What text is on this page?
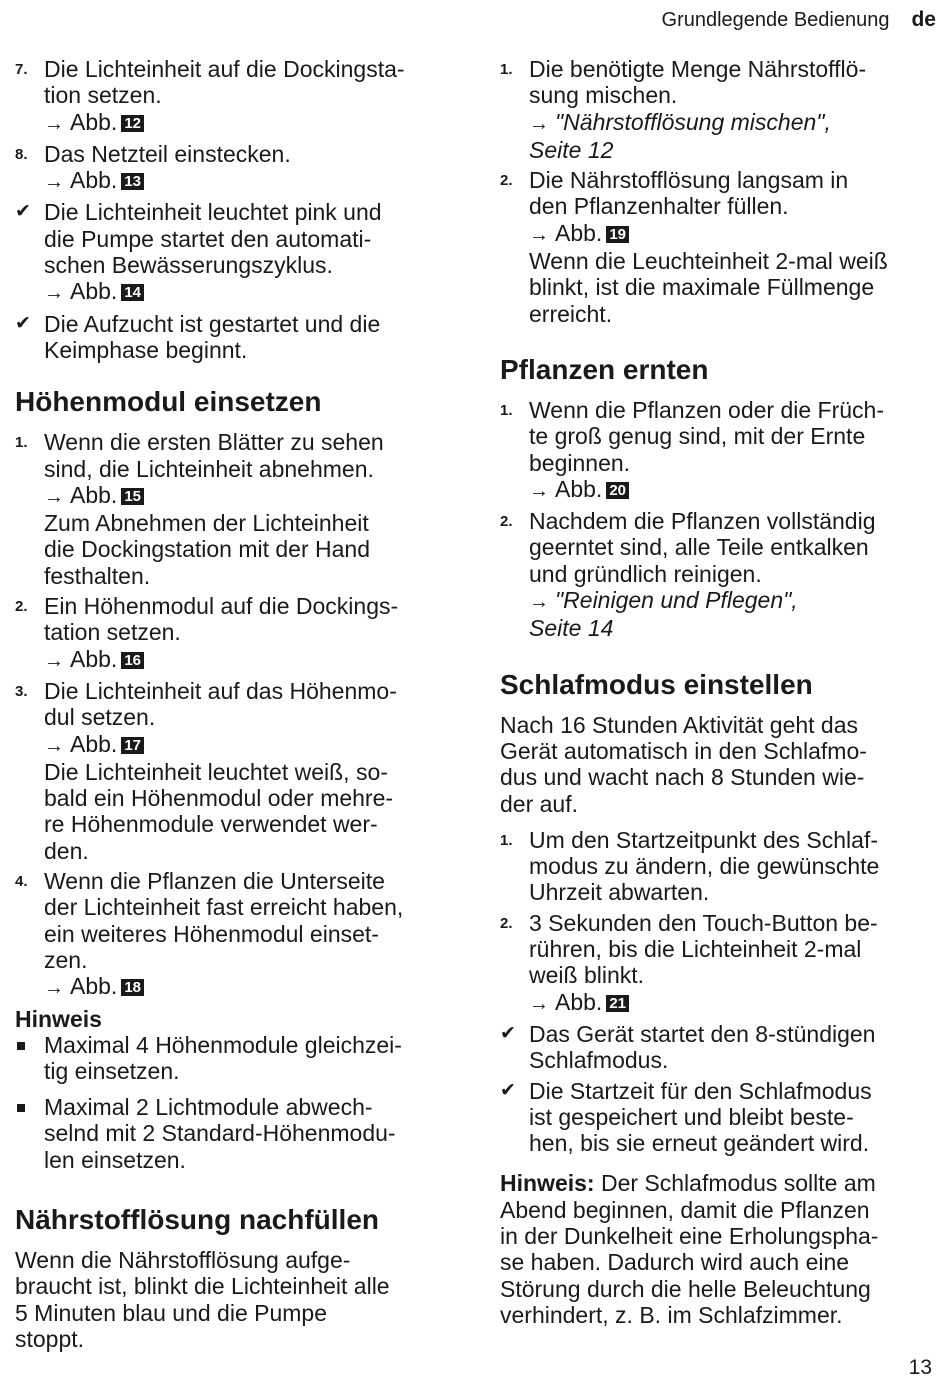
Grundlegende Bedienung de
7. Die Lichteinheit auf die Dockingsta-
tion setzen.
→ Abb. 12
8. Das Netzteil einstecken.
→ Abb. 13
✔ Die Lichteinheit leuchtet pink und
die Pumpe startet den automati-
schen Bewässerungszyklus.
→ Abb. 14
✔ Die Aufzucht ist gestartet und die
Keimphase beginnt.
Höhenmodul einsetzen
1. Wenn die ersten Blätter zu sehen
sind, die Lichteinheit abnehmen.
→ Abb. 15
Zum Abnehmen der Lichteinheit
die Dockingstation mit der Hand
festhalten.
2. Ein Höhenmodul auf die Dockings-
tation setzen.
→ Abb. 16
3. Die Lichteinheit auf das Höhenmo-
dul setzen.
→ Abb. 17
Die Lichteinheit leuchtet weiß, so-
bald ein Höhenmodul oder mehre-
re Höhenmodule verwendet wer-
den.
4. Wenn die Pflanzen die Unterseite
der Lichteinheit fast erreicht haben,
ein weiteres Höhenmodul einset-
zen.
→ Abb. 18
Hinweis
Maximal 4 Höhenmodule gleichzei-
tig einsetzen.
Maximal 2 Lichtmodule abwech-
selnd mit 2 Standard-Höhenmodu-
len einsetzen.
Nährstofflösung nachfüllen
Wenn die Nährstofflösung aufge-
braucht ist, blinkt die Lichteinheit alle
5 Minuten blau und die Pumpe
stoppt.
1. Die benötigte Menge Nährstofflö-
sung mischen.
→ "Nährstofflösung mischen",
Seite 12
2. Die Nährstofflösung langsam in
den Pflanzenhalter füllen.
→ Abb. 19
Wenn die Leuchteinheit 2-mal weiß
blinkt, ist die maximale Füllmenge
erreicht.
Pflanzen ernten
1. Wenn die Pflanzen oder die Früch-
te groß genug sind, mit der Ernte
beginnen.
→ Abb. 20
2. Nachdem die Pflanzen vollständig
geerntet sind, alle Teile entkalken
und gründlich reinigen.
→ "Reinigen und Pflegen",
Seite 14
Schlafmodus einstellen
Nach 16 Stunden Aktivität geht das
Gerät automatisch in den Schlafmo-
dus und wacht nach 8 Stunden wie-
der auf.
1. Um den Startzeitpunkt des Schlaf-
modus zu ändern, die gewünschte
Uhrzeit abwarten.
2. 3 Sekunden den Touch-Button be-
rühren, bis die Lichteinheit 2-mal
weiß blinkt.
→ Abb. 21
✔ Das Gerät startet den 8-stündigen
Schlafmodus.
✔ Die Startzeit für den Schlafmodus
ist gespeichert und bleibt beste-
hen, bis sie erneut geändert wird.
Hinweis: Der Schlafmodus sollte am
Abend beginnen, damit die Pflanzen
in der Dunkelheit eine Erholungspha-
se haben. Dadurch wird auch eine
Störung durch die helle Beleuchtung
verhindert, z. B. im Schlafzimmer.
13
